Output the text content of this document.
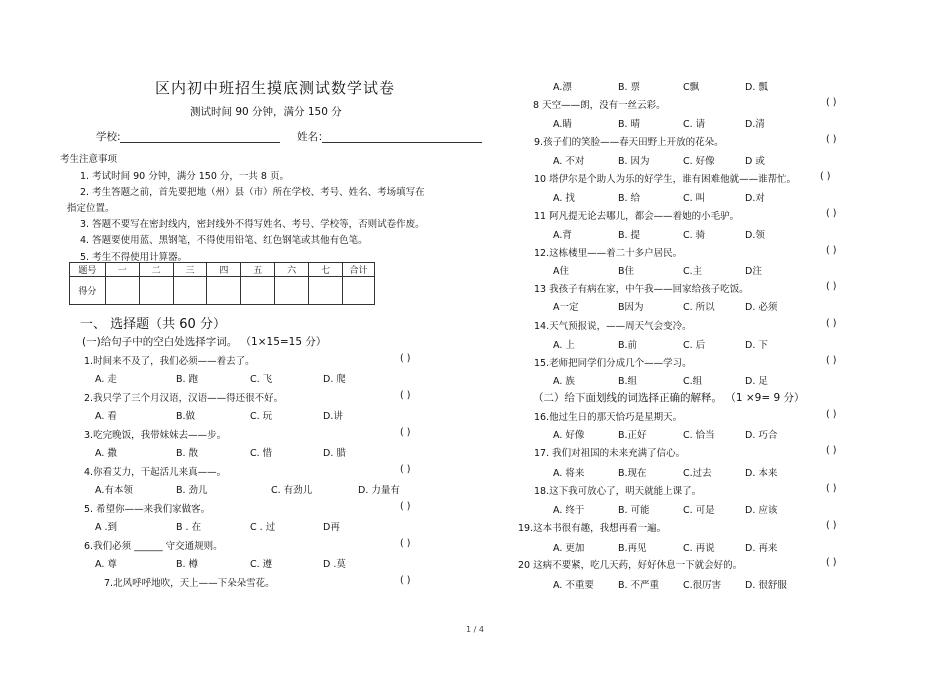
区内初中班招生摸底测试数学试卷
测试时间 90 分钟，满分 150 分
学校:	姓名：
考生注意事项
1. 考试时间 90 分钟，满分 150 分，一共 8 页。
2. 考生答题之前，首先要把地（州）县（市）所在学校、考号、姓名、考场填写在
指定位置。
3. 答题不要写在密封线内，密封线外不得写姓名、考号、学校等，否则试卷作废。
4. 答题要使用蓝、黑钢笔，不得使用铅笔、红色钢笔或其他有色笔。
5. 考生不得使用计算器。
题号	一	二	三	四	五	六	七	合计
得分								
一、 选择题（共 60 分）
(一)给句子中的空白处选择字词。 （1×15=15 分）
1.时间来不及了，我们必须——着去了。	( )
A. 走	B. 跑	C. 飞	D. 爬
2.我只学了三个月汉语，汉语——得还很不好。	( )
A. 看	B.做	C. 玩	D.讲
3.吃完晚饭，我带妹妹去——步。	( )
A. 撒	B. 散	C. 惜	D. 腊
4.你看艾力，干起活儿来真——。	( )
A.有本领	B. 劲儿	C. 有劲儿	D. 力量有
5. 希望你——来我们家做客。	( )
A .到	B . 在	C . 过	D再
6.我们必须 ______ 守交通规则。	( )
A. 尊	B. 樽	C. 遵	D .莫
7.北风呼呼地吹，天上——下朵朵雪花。	( )
A.漂	B. 票	C飘	D. 瓢
8 天空——朗，没有一丝云彩。	( )
A.睛	B. 晴	C. 请	D.清
9.孩子们的笑脸——春天田野上开放的花朵。	( )
A. 不对	B. 因为	C. 好像	D 或
10 塔伊尔是个助人为乐的好学生，谁有困难他就——谁帮忙。	( )
A. 找	B. 给	C. 叫	D.对
11 阿凡提无论去哪儿，都会——着她的小毛驴。	( )
A.背	B. 提	C. 骑	D.领
12.这栋楼里——着二十多户居民。	( )
A住	B住	C.主	D注
13 我孩子有病在家，中午我——回家给孩子吃饭。	( )
A一定	B因为	C. 所以	D. 必须
14.天气预报说，——周天气会变冷。	( )
A. 上	B.前	C. 后	D. 下
15.老师把同学们分成几个——学习。	( )
A. 族	B.组	C.组	D. 足
16.他过生日的那天恰巧是星期天。	( )
A. 好像	B.正好	C. 恰当	D. 巧合
17. 我们对祖国的未来充满了信心。	( )
A. 将来	B.现在	C.过去	D. 本来
18.这下我可放心了，明天就能上课了。	( )
A. 终于	B. 可能	C. 可是	D. 应该
19.这本书很有趣，我想再看一遍。	( )
A. 更加	B.再见	C. 再说	D. 再来
20 这病不要紧，吃几天药，好好休息一下就会好的。	( )
A. 不重要	B. 不严重	C.很厉害	D. 很舒服
（二）给下面划线的词选择正确的解释。 （1 ×9= 9 分）
1 / 4
